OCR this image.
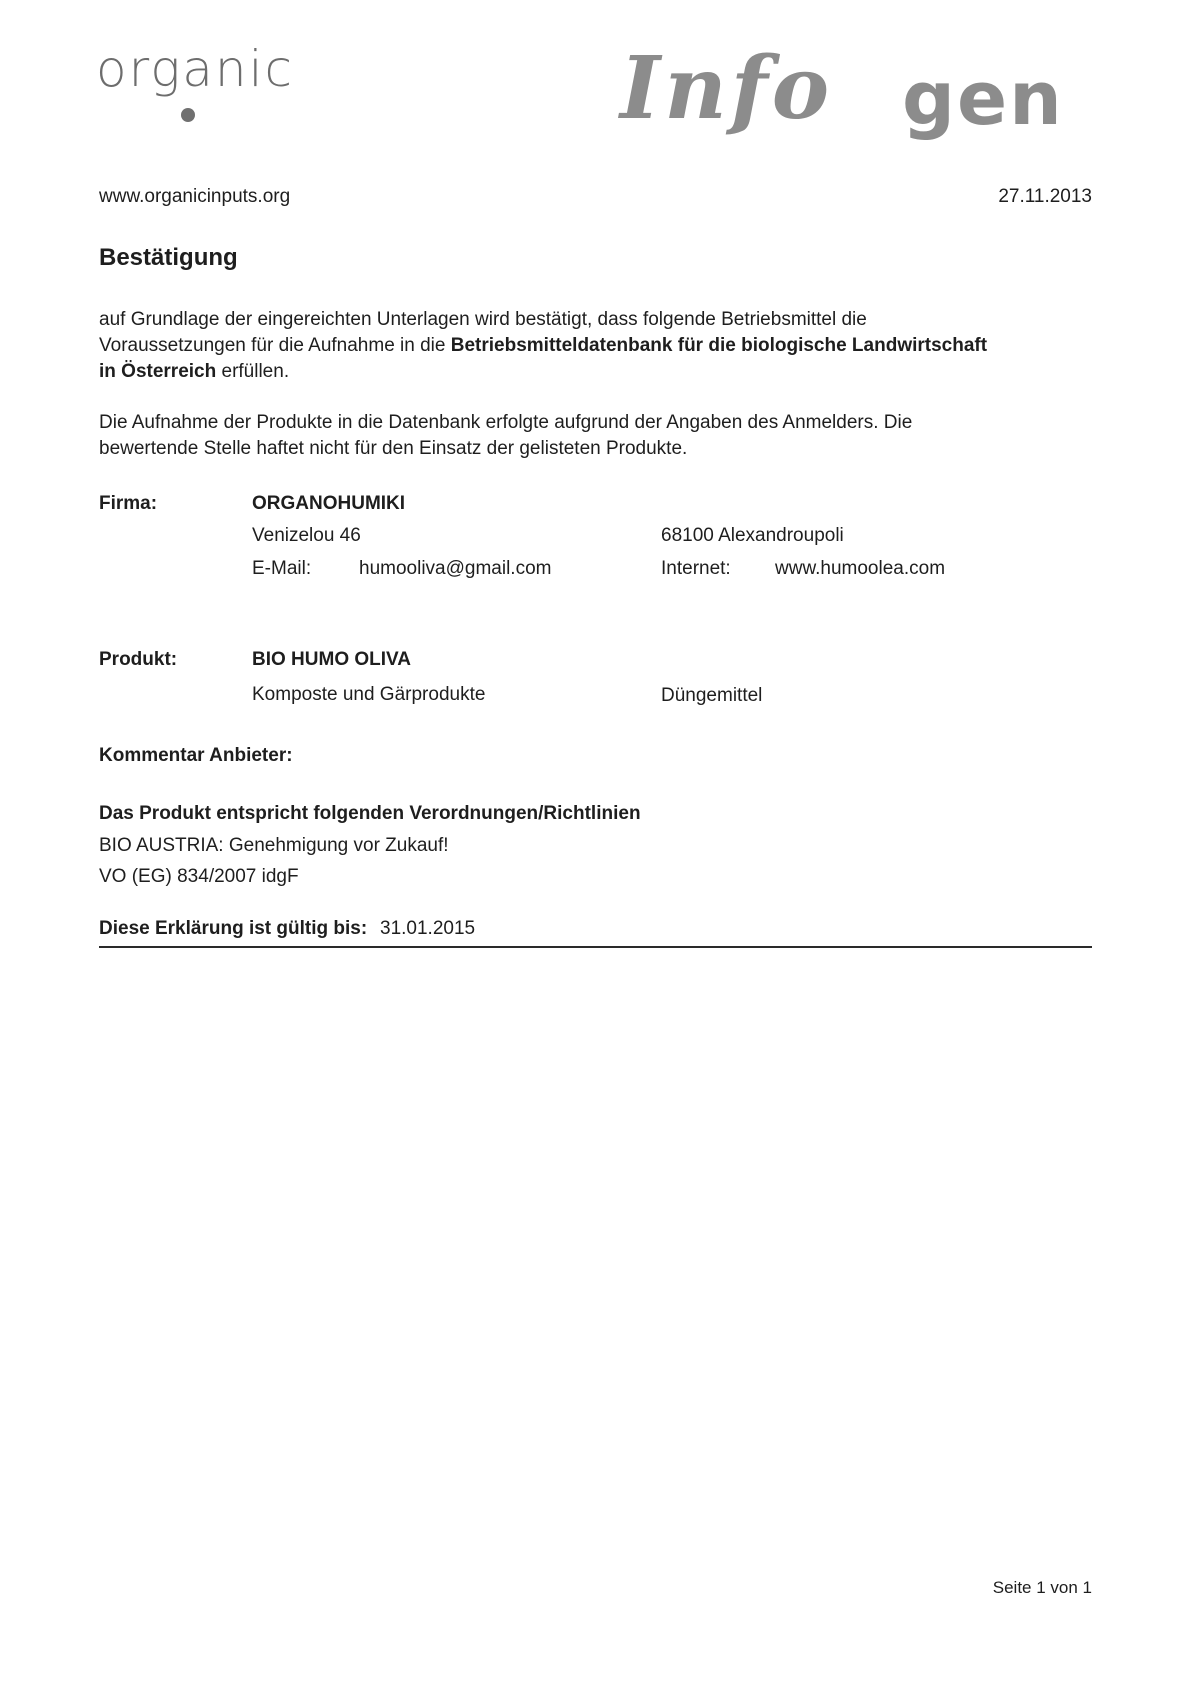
organic	Info gen
www.organicinputs.org	27.11.2013
Bestätigung
auf Grundlage der eingereichten Unterlagen wird bestätigt, dass folgende Betriebsmittel die Voraussetzungen für die Aufnahme in die Betriebsmitteldatenbank für die biologische Landwirtschaft in Österreich erfüllen.
Die Aufnahme der Produkte in die Datenbank erfolgte aufgrund der Angaben des Anmelders. Die bewertende Stelle haftet nicht für den Einsatz der gelisteten Produkte.
Firma:	ORGANOHUMIKI
Venizelou 46	68100 Alexandroupoli
E-Mail:	humooliva@gmail.com	Internet: www.humoolea.com
Produkt:	BIO HUMO OLIVA
Komposte und Gärprodukte	Düngemittel
Kommentar Anbieter:
Das Produkt entspricht folgenden Verordnungen/Richtlinien
BIO AUSTRIA: Genehmigung vor Zukauf!
VO (EG) 834/2007 idgF
Diese Erklärung ist gültig bis: 31.01.2015
Seite 1 von 1
